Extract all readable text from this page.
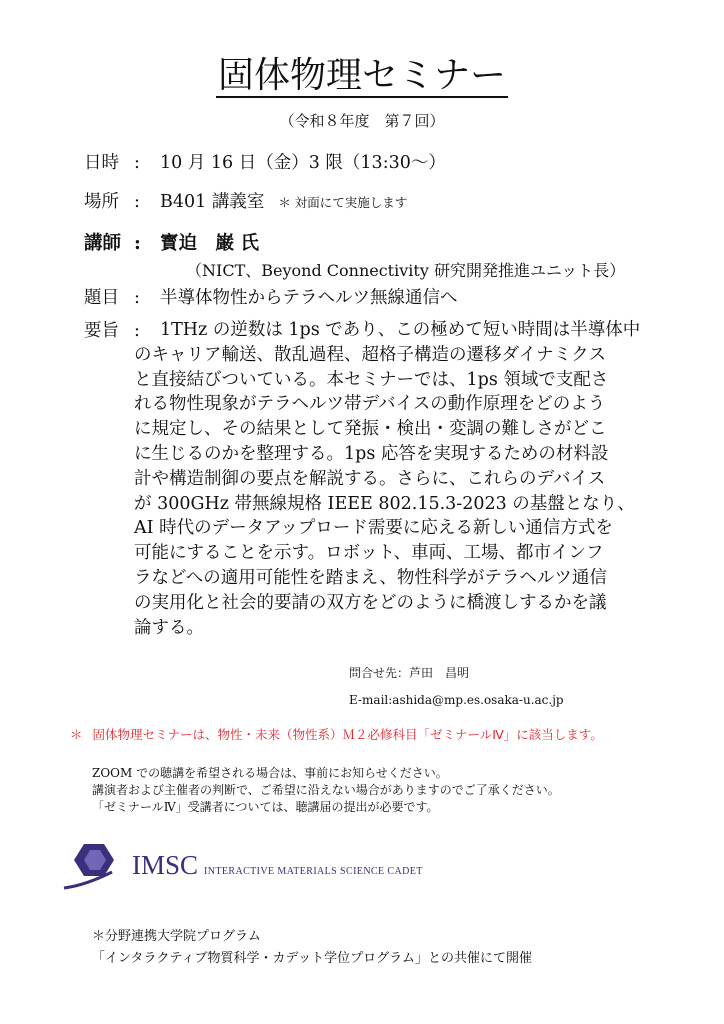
固体物理セミナー
（令和８年度　第７回）
日時 : 10 月 16 日（金）3 限（13:30〜）
場所 : B401 講義室 ＊ 対面にて実施します
講師 : 寳迫　巌 氏
（NICT、Beyond Connectivity 研究開発推進ユニット長）
題目 : 半導体物性からテラヘルツ無線通信へ
要旨 :	1THz の逆数は 1ps であり、この極めて短い時間は半導体中
のキャリア輸送、散乱過程、超格子構造の遷移ダイナミクス
と直接結びついている。本セミナーでは、1ps 領域で支配さ
れる物性現象がテラヘルツ帯デバイスの動作原理をどのよう
に規定し、その結果として発振・検出・変調の難しさがどこ
に生じるのかを整理する。1ps 応答を実現するための材料設
計や構造制御の要点を解説する。さらに、これらのデバイス
が 300GHz 帯無線規格 IEEE 802.15.3-2023 の基盤となり、
AI 時代のデータアップロード需要に応える新しい通信方式を
可能にすることを示す。ロボット、車両、工場、都市インフ
ラなどへの適用可能性を踏まえ、物性科学がテラヘルツ通信
の実用化と社会的要請の双方をどのように橋渡しするかを議
論する。
問合せ先：芦田　昌明
E-mail:ashida@mp.es.osaka-u.ac.jp
＊ 固体物理セミナーは、物性・未来（物性系）Ｍ２必修科目「ゼミナールⅣ」に該当します。
ZOOM での聴講を希望される場合は、事前にお知らせください。
講演者および主催者の判断で、ご希望に沿えない場合がありますのでご了承ください。
「ゼミナールⅣ」受講者については、聴講届の提出が必要です。
IMSC INTERACTIVE MATERIALS SCIENCE CADET
＊分野連携大学院プログラム
「インタラクティブ物質科学・カデット学位プログラム」との共催にて開催
